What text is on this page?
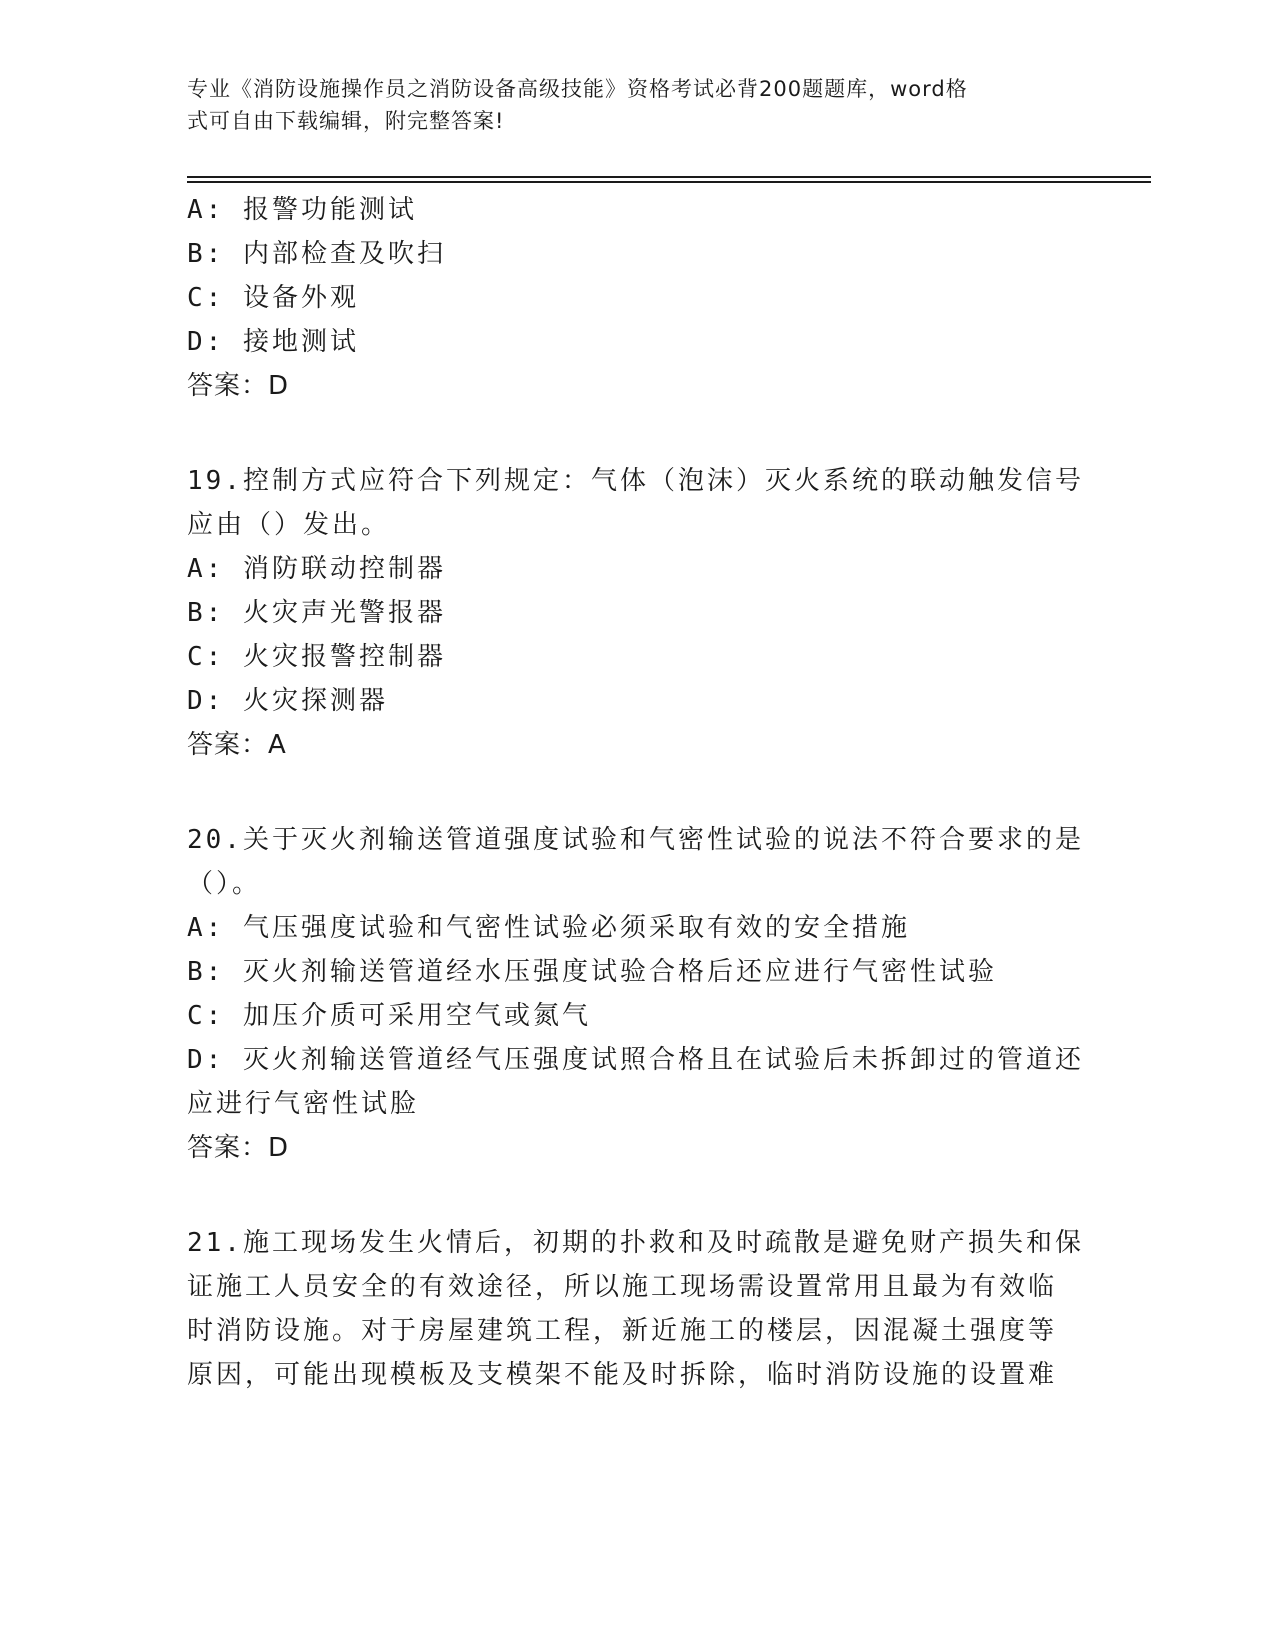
专业《消防设施操作员之消防设备高级技能》资格考试必背200题题库，word格
式可自由下载编辑，附完整答案!
A: 报警功能测试
B: 内部检查及吹扫
C: 设备外观
D: 接地测试
答案：D
19.控制方式应符合下列规定：气体（泡沫）灭火系统的联动触发信号
应由（）发出。
A: 消防联动控制器
B: 火灾声光警报器
C: 火灾报警控制器
D: 火灾探测器
答案：A
20.关于灭火剂输送管道强度试验和气密性试验的说法不符合要求的是
（）。
A: 气压强度试验和气密性试验必须采取有效的安全措施
B: 灭火剂输送管道经水压强度试验合格后还应进行气密性试验
C: 加压介质可采用空气或氮气
D: 灭火剂输送管道经气压强度试照合格且在试验后未拆卸过的管道还
应进行气密性试脸
答案：D
21.施工现场发生火情后，初期的扑救和及时疏散是避免财产损失和保
证施工人员安全的有效途径，所以施工现场需设置常用且最为有效临
时消防设施。对于房屋建筑工程，新近施工的楼层，因混凝土强度等
原因，可能出现模板及支模架不能及时拆除，临时消防设施的设置难
